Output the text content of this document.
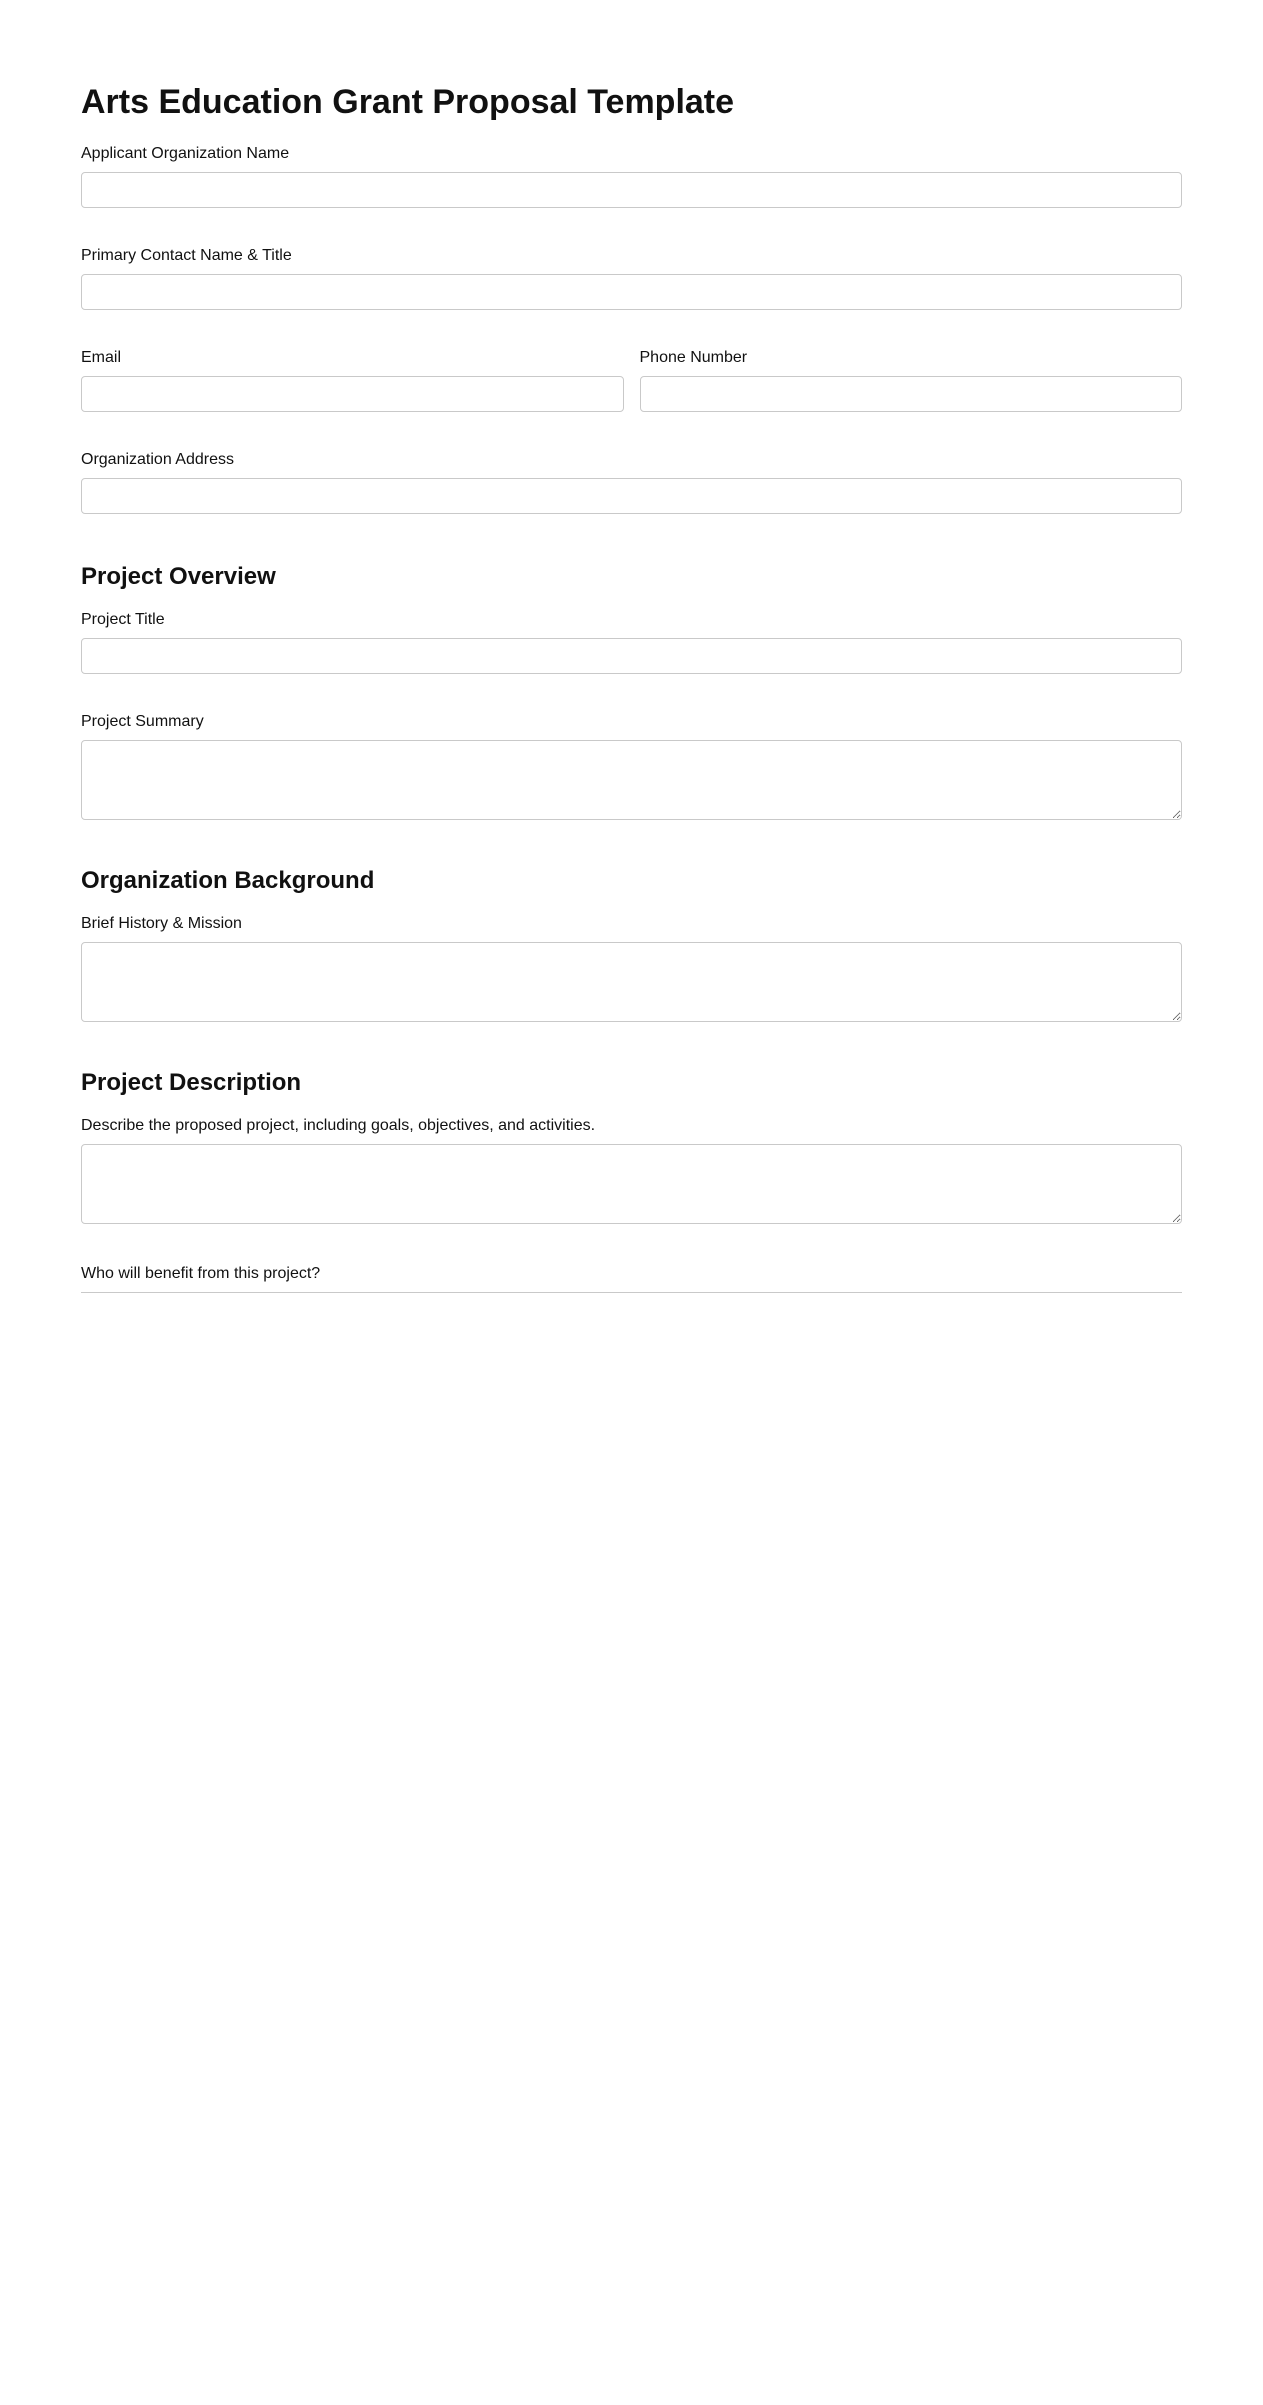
Arts Education Grant Proposal Template
Applicant Organization Name
Primary Contact Name & Title
Email	Phone Number
Organization Address
Project Overview
Project Title
Project Summary
Organization Background
Brief History & Mission
Project Description
Describe the proposed project, including goals, objectives, and activities.
Who will benefit from this project?
